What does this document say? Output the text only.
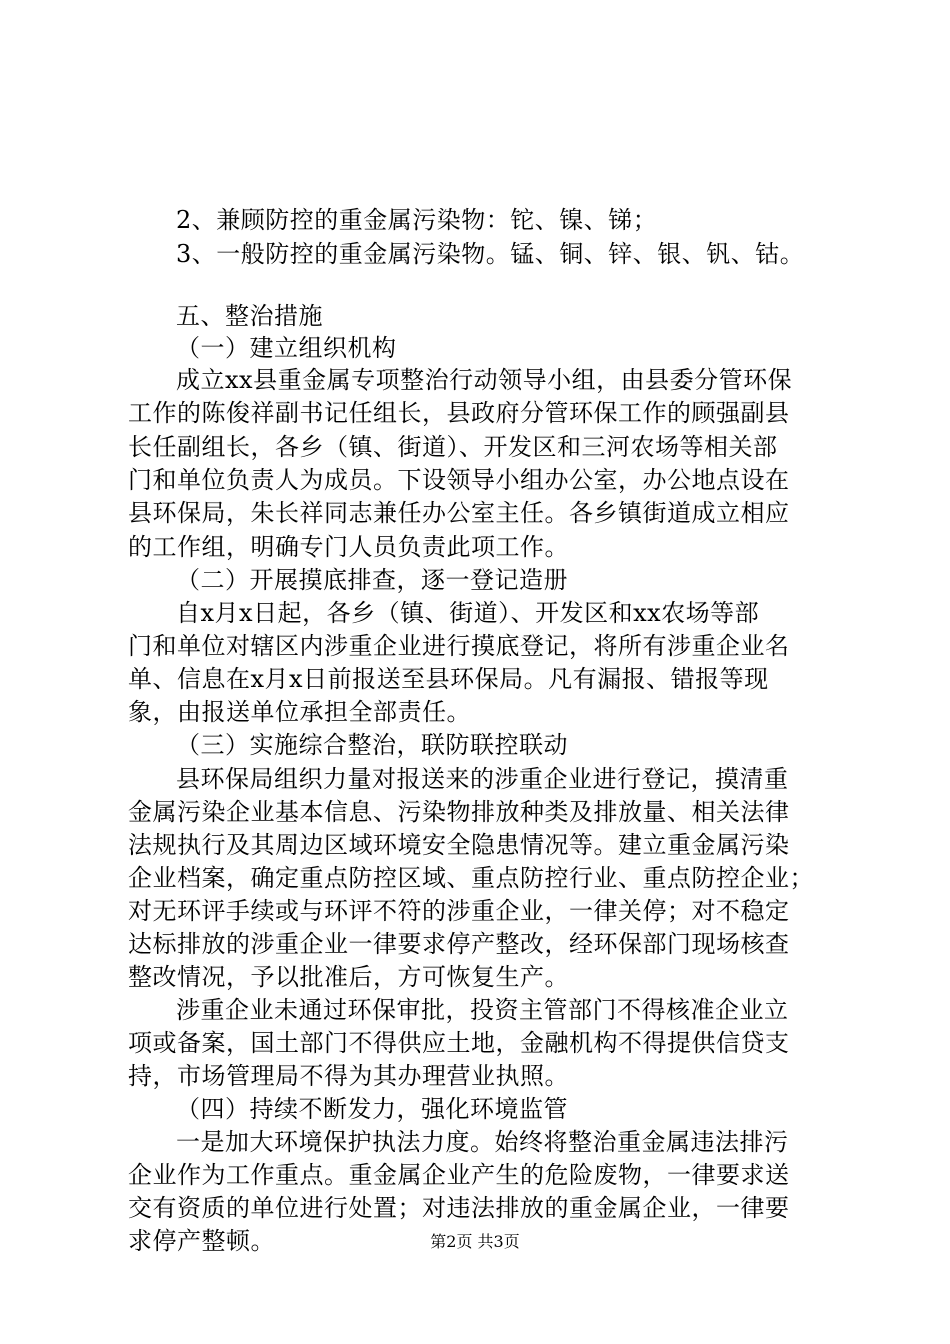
2、兼顾防控的重金属污染物：铊、镍、锑；
3、一般防控的重金属污染物。锰、铜、锌、银、钒、钴。
五、整治措施
（一）建立组织机构
成立xx县重金属专项整治行动领导小组，由县委分管环保
工作的陈俊祥副书记任组长，县政府分管环保工作的顾强副县
长任副组长，各乡（镇、街道）、开发区和三河农场等相关部
门和单位负责人为成员。下设领导小组办公室，办公地点设在
县环保局，朱长祥同志兼任办公室主任。各乡镇街道成立相应
的工作组，明确专门人员负责此项工作。
（二）开展摸底排查，逐一登记造册
自x月x日起，各乡（镇、街道）、开发区和xx农场等部
门和单位对辖区内涉重企业进行摸底登记，将所有涉重企业名
单、信息在x月x日前报送至县环保局。凡有漏报、错报等现
象，由报送单位承担全部责任。
（三）实施综合整治，联防联控联动
县环保局组织力量对报送来的涉重企业进行登记，摸清重
金属污染企业基本信息、污染物排放种类及排放量、相关法律
法规执行及其周边区域环境安全隐患情况等。建立重金属污染
企业档案，确定重点防控区域、重点防控行业、重点防控企业；
对无环评手续或与环评不符的涉重企业，一律关停；对不稳定
达标排放的涉重企业一律要求停产整改，经环保部门现场核查
整改情况，予以批准后，方可恢复生产。
涉重企业未通过环保审批，投资主管部门不得核准企业立
项或备案，国土部门不得供应土地，金融机构不得提供信贷支
持，市场管理局不得为其办理营业执照。
（四）持续不断发力，强化环境监管
一是加大环境保护执法力度。始终将整治重金属违法排污
企业作为工作重点。重金属企业产生的危险废物，一律要求送
交有资质的单位进行处置；对违法排放的重金属企业，一律要
求停产整顿。	第2页 共3页
